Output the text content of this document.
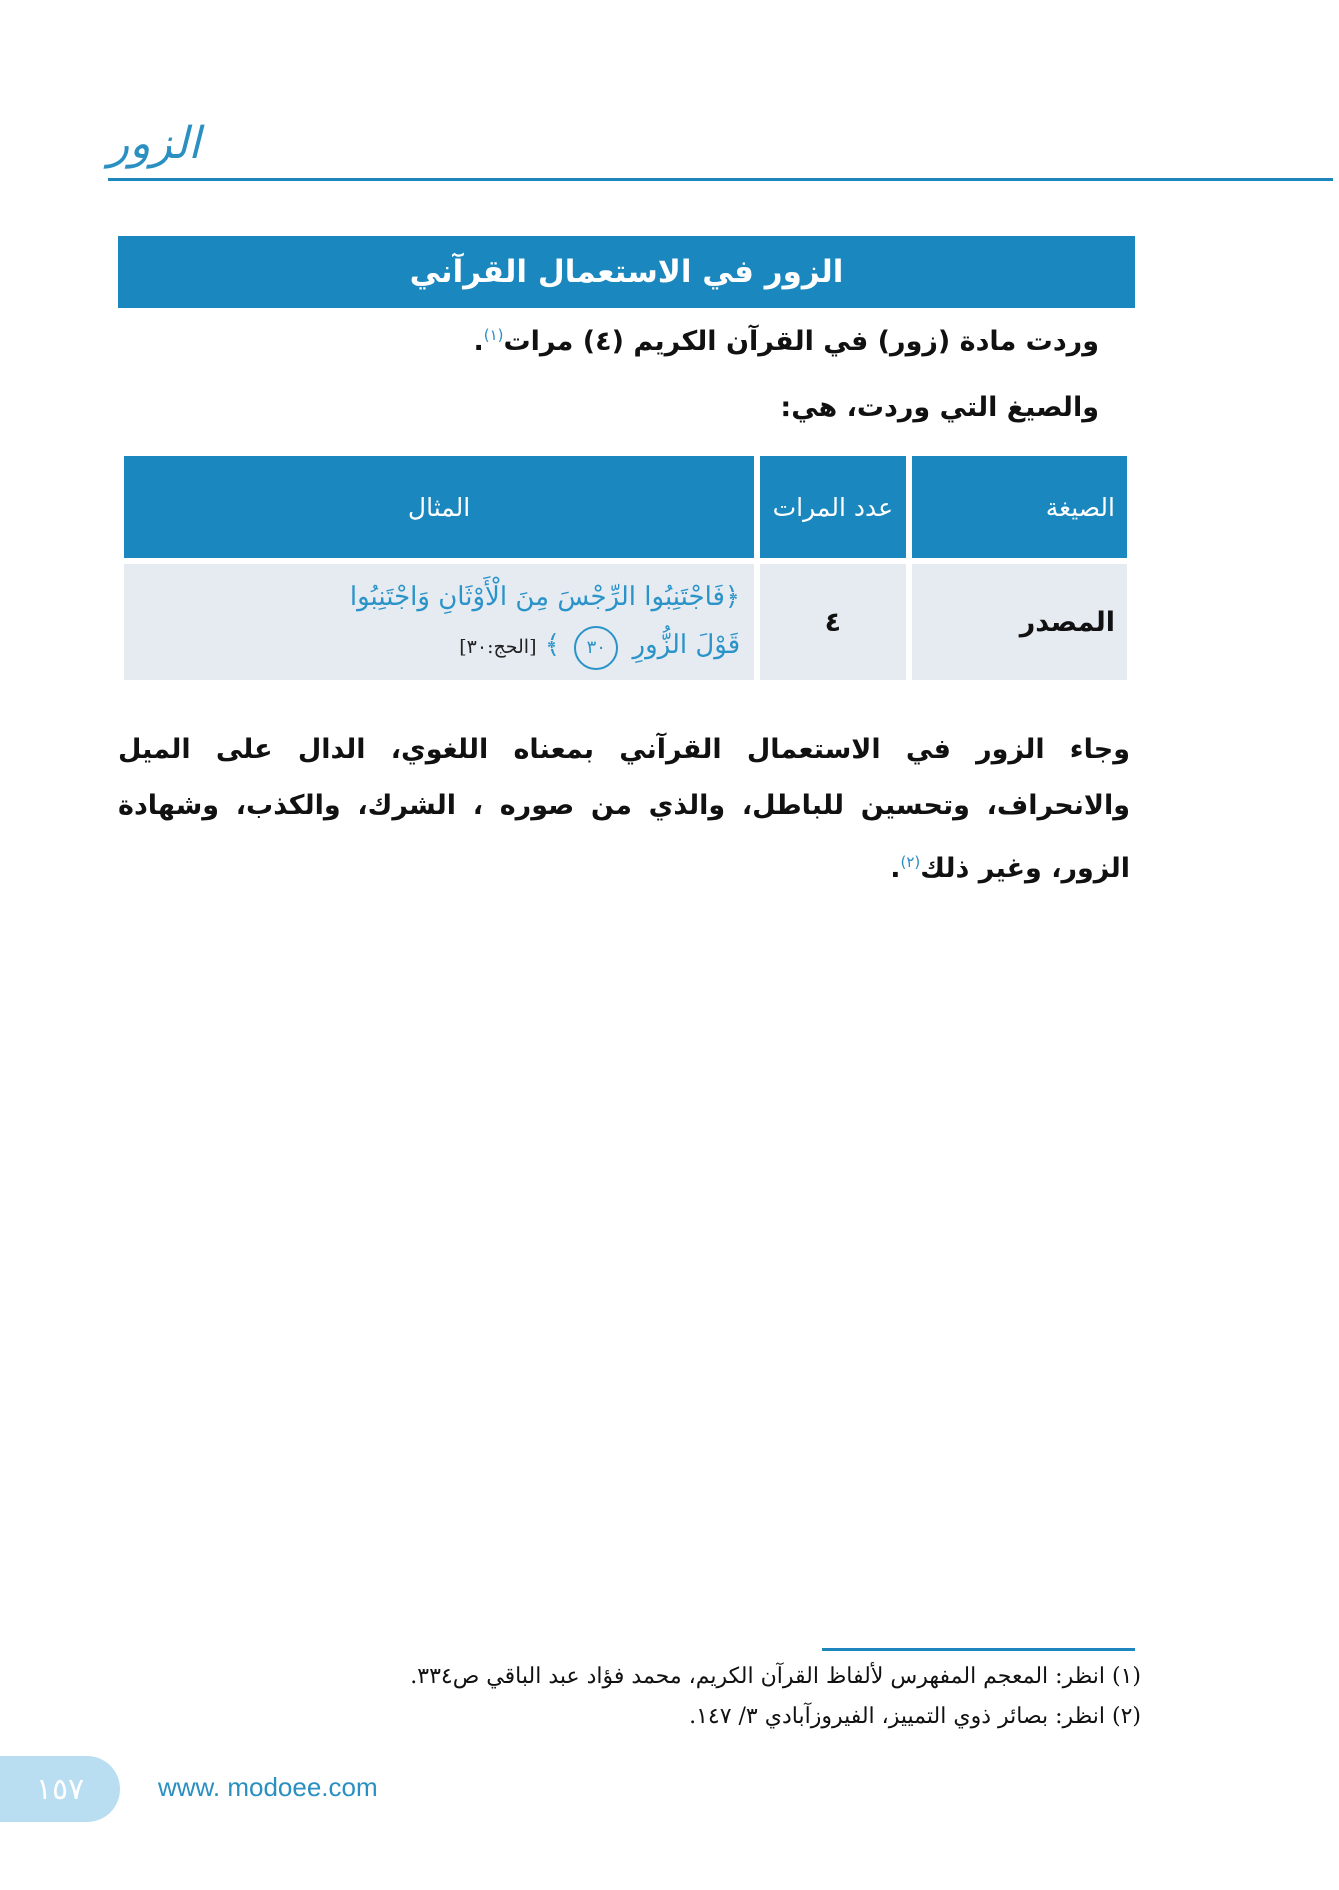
الزور
الزور في الاستعمال القرآني
وردت مادة (زور) في القرآن الكريم (٤) مرات$^{(١)}$.
والصيغ التي وردت، هي:
الصيغة	عدد المرات	المثال
المصدر	٤	﴿فَاجْتَنِبُوا الرِّجْسَ مِنَ الْأَوْثَانِ وَاجْتَنِبُوا
قَوْلَ الزُّورِ ٣٠ ﴾ [الحج:٣٠]
وجاء الزور في الاستعمال القرآني بمعناه اللغوي، الدال على الميل والانحراف، وتحسين للباطل، والذي من صوره ، الشرك، والكذب، وشهادة الزور، وغير ذلك$^{(٢)}$.
(١) انظر: المعجم المفهرس لألفاظ القرآن الكريم، محمد فؤاد عبد الباقي ص٣٣٤.
(٢) انظر: بصائر ذوي التمييز، الفيروزآبادي ٣/ ١٤٧.
١٥٧	www. modoee.com
